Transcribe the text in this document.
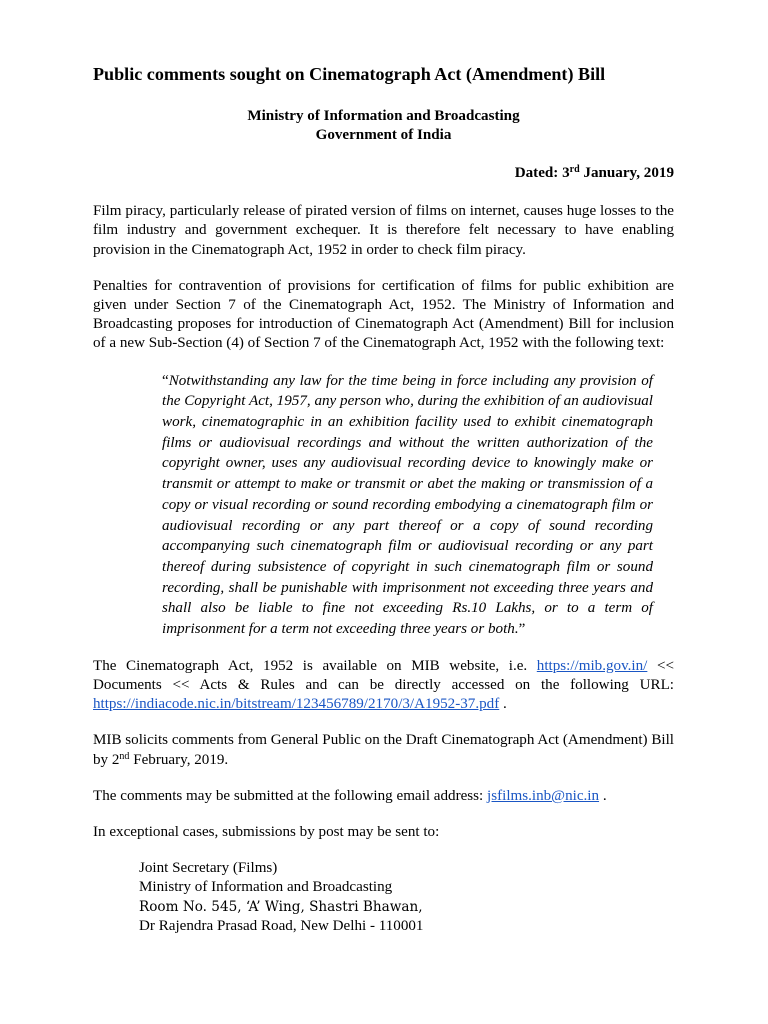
Public comments sought on Cinematograph Act (Amendment) Bill
Ministry of Information and Broadcasting
Government of India
Dated: 3rd January, 2019

Film piracy, particularly release of pirated version of films on internet, causes huge losses to the film industry and government exchequer. It is therefore felt necessary to have enabling provision in the Cinematograph Act, 1952 in order to check film piracy.

Penalties for contravention of provisions for certification of films for public exhibition are given under Section 7 of the Cinematograph Act, 1952. The Ministry of Information and Broadcasting proposes for introduction of Cinematograph Act (Amendment) Bill for inclusion of a new Sub-Section (4) of Section 7 of the Cinematograph Act, 1952 with the following text:

“Notwithstanding any law for the time being in force including any provision of the Copyright Act, 1957, any person who, during the exhibition of an audiovisual work, cinematographic in an exhibition facility used to exhibit cinematograph films or audiovisual recordings and without the written authorization of the copyright owner, uses any audiovisual recording device to knowingly make or transmit or attempt to make or transmit or abet the making or transmission of a copy or visual recording or sound recording embodying a cinematograph film or audiovisual recording or any part thereof or a copy of sound recording accompanying such cinematograph film or audiovisual recording or any part thereof during subsistence of copyright in such cinematograph film or sound recording, shall be punishable with imprisonment not exceeding three years and shall also be liable to fine not exceeding Rs.10 Lakhs, or to a term of imprisonment for a term not exceeding three years or both.”

The Cinematograph Act, 1952 is available on MIB website, i.e. https://mib.gov.in/ << Documents << Acts & Rules and can be directly accessed on the following URL: https://indiacode.nic.in/bitstream/123456789/2170/3/A1952-37.pdf .

MIB solicits comments from General Public on the Draft Cinematograph Act (Amendment) Bill by 2nd February, 2019.

The comments may be submitted at the following email address: jsfilms.inb@nic.in .

In exceptional cases, submissions by post may be sent to:

Joint Secretary (Films)
Ministry of Information and Broadcasting
Room No. 545, ‘A’ Wing, Shastri Bhawan,
Dr Rajendra Prasad Road, New Delhi - 110001
